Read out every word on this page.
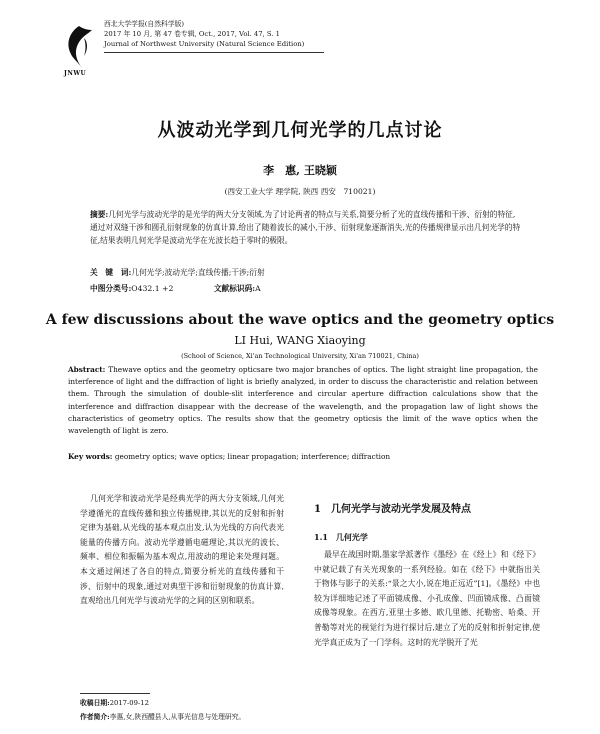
JNWU
西北大学学报(自然科学版)
2017 年 10 月, 第 47 卷专辑, Oct., 2017, Vol. 47, S. 1
Journal of Northwest University (Natural Science Edition)
从波动光学到几何光学的几点讨论
李　惠, 王晓颖
(西安工业大学 理学院, 陕西 西安　710021)
摘要:几何光学与波动光学的是光学的两大分支领域,为了讨论两者的特点与关系,简要分析了光的直线传播和干涉、衍射的特征,通过对双缝干涉和圆孔衍射现象的仿真计算,给出了随着波长的减小,干涉、衍射现象逐渐消失,光的传播规律显示出几何光学的特征,结果表明几何光学是波动光学在光波长趋于零时的极限。
关　键　词:几何光学;波动光学;直线传播;干涉;衍射
中图分类号:O432.1 +2	文献标识码:A
A few discussions about the wave optics and the geometry optics
LI Hui, WANG Xiaoying
(School of Science, Xi'an Technological University, Xi'an 710021, China)
Abstract: Thewave optics and the geometry opticsare two major branches of optics. The light straight line propagation, the interference of light and the diffraction of light is briefly analyzed, in order to discuss the characteristic and relation between them. Through the simulation of double-slit interference and circular aperture diffraction calculations show that the interference and diffraction disappear with the decrease of the wavelength, and the propagation law of light shows the characteristics of geometry optics. The results show that the geometry opticsis the limit of the wave optics when the wavelength of light is zero.
Key words: geometry optics; wave optics; linear propagation; interference; diffraction
几何光学和波动光学是经典光学的两大分支领域,几何光学遵循光的直线传播和独立传播规律,其以光的反射和折射定律为基础,从光线的基本观点出发,认为光线的方向代表光能量的传播方向。波动光学遵循电磁理论,其以光的波长、频率、相位和振幅为基本观点,用波动的理论来处理问题。本文通过阐述了各自的特点,简要分析光的直线传播和干涉、衍射中的现象,通过对典型干涉和衍射现象的仿真计算,直观给出几何光学与波动光学的之间的区别和联系。
1　几何光学与波动光学发展及特点
1.1　几何光学
最早在战国时期,墨家学派著作《墨经》在《经上》和《经下》中就记载了有关光现象的一系列经验。如在《经下》中就指出关于物体与影子的关系:“景之大小,说在地正远近”[1]。《墨经》中也较为详细地记述了平面镜成像、小孔成像、凹面镜成像、凸面镜成像等现象。在西方,亚里士多德、欧几里德、托勒密、哈桑、开普勒等对光的视觉行为进行探讨后,建立了光的反射和折射定律,使光学真正成为了一门学科。这时的光学脱开了光
收稿日期:2017-09-12
作者简介:李惠,女,陕西醴县人,从事光信息与处理研究。
